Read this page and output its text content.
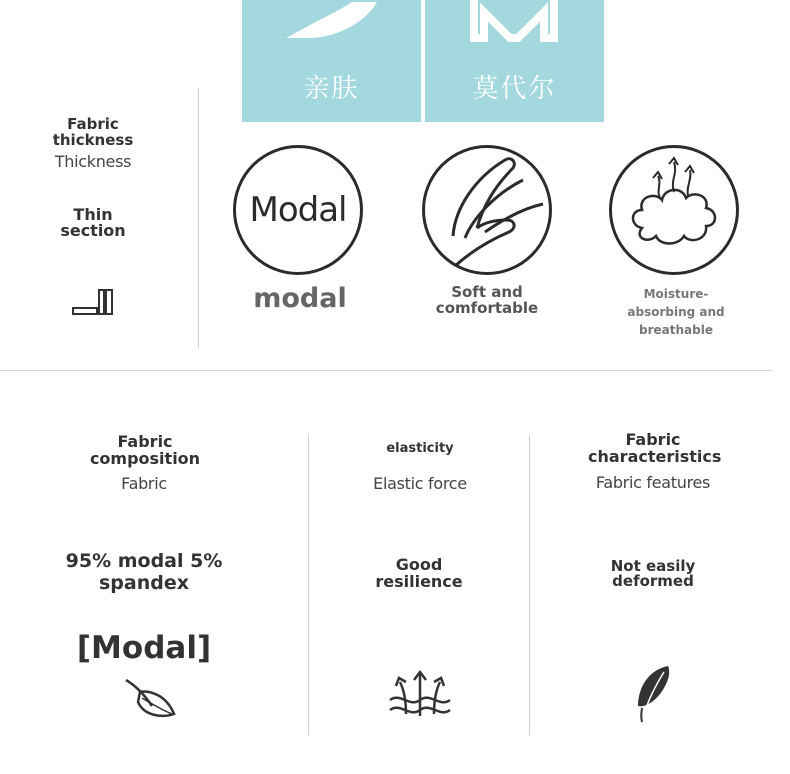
亲肤	莫代尔
Fabric thickness
Thickness
Thin section
Modal
modal	Soft and comfortable
Moisture-absorbing and breathable
Fabric composition
Fabric
95% modal 5% spandex
[Modal]
elasticity
Elastic force
Good resilience
Fabric characteristics
Fabric features
Not easily deformed
